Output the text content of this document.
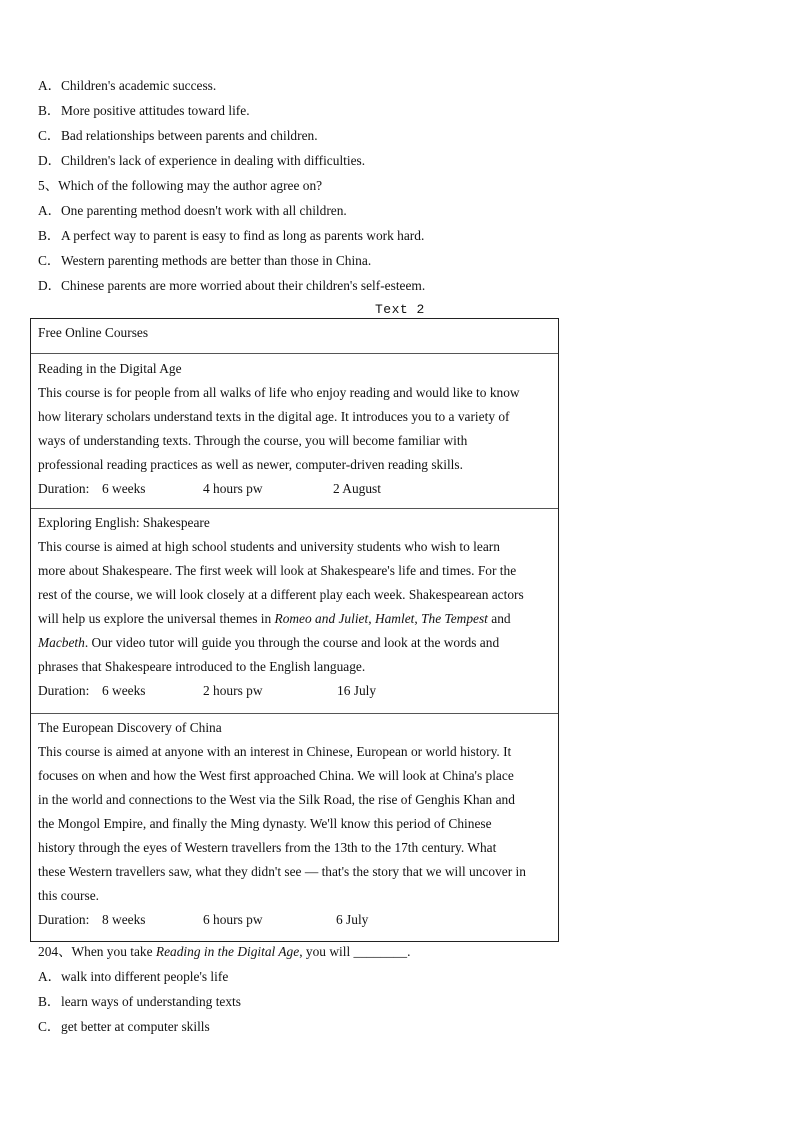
A．Children's academic success.
B．More positive attitudes toward life.
C．Bad relationships between parents and children.
D．Children's lack of experience in dealing with difficulties.
5、Which of the following may the author agree on?
A．One parenting method doesn't work with all children.
B．A perfect way to parent is easy to find as long as parents work hard.
C．Western parenting methods are better than those in China.
D．Chinese parents are more worried about their children's self-esteem.
Text 2
Free Online Courses
Reading in the Digital Age
This course is for people from all walks of life who enjoy reading and would like to know
how literary scholars understand texts in the digital age. It introduces you to a variety of
ways of understanding texts. Through the course, you will become familiar with
professional reading practices as well as newer, computer-driven reading skills.
Duration: 6 weeks	4 hours pw	2 August
Exploring English: Shakespeare
This course is aimed at high school students and university students who wish to learn
more about Shakespeare. The first week will look at Shakespeare's life and times. For the
rest of the course, we will look closely at a different play each week. Shakespearean actors
will help us explore the universal themes in Romeo and Juliet, Hamlet, The Tempest and
Macbeth. Our video tutor will guide you through the course and look at the words and
phrases that Shakespeare introduced to the English language.
Duration: 6 weeks	2 hours pw	16 July
The European Discovery of China
This course is aimed at anyone with an interest in Chinese, European or world history. It
focuses on when and how the West first approached China. We will look at China's place
in the world and connections to the West via the Silk Road, the rise of Genghis Khan and
the Mongol Empire, and finally the Ming dynasty. We'll know this period of Chinese
history through the eyes of Western travellers from the 13th to the 17th century. What
these Western travellers saw, what they didn't see — that's the story that we will uncover in
this course.
Duration: 8 weeks	6 hours pw	6 July
204、When you take Reading in the Digital Age, you will ________.
A．walk into different people's life
B．learn ways of understanding texts
C．get better at computer skills
